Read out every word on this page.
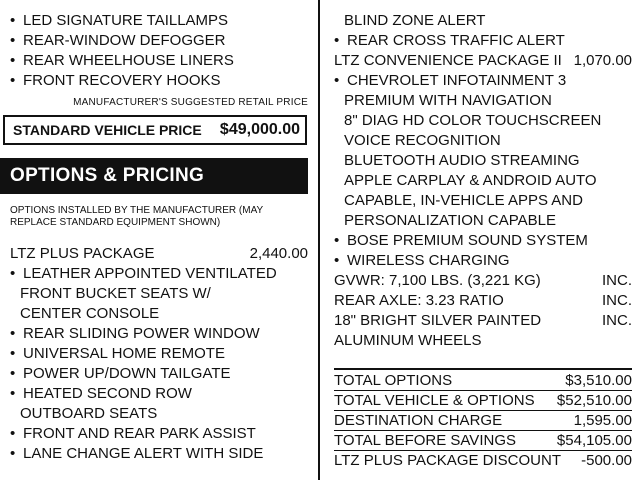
• LED SIGNATURE TAILLAMPS
• REAR-WINDOW DEFOGGER
• REAR WHEELHOUSE LINERS
• FRONT RECOVERY HOOKS
MANUFACTURER'S SUGGESTED RETAIL PRICE
STANDARD VEHICLE PRICE $49,000.00
OPTIONS & PRICING
OPTIONS INSTALLED BY THE MANUFACTURER (MAY REPLACE STANDARD EQUIPMENT SHOWN)
LTZ PLUS PACKAGE	2,440.00
• LEATHER APPOINTED VENTILATED
FRONT BUCKET SEATS W/
CENTER CONSOLE
• REAR SLIDING POWER WINDOW
• UNIVERSAL HOME REMOTE
• POWER UP/DOWN TAILGATE
• HEATED SECOND ROW
OUTBOARD SEATS
• FRONT AND REAR PARK ASSIST
• LANE CHANGE ALERT WITH SIDE
BLIND ZONE ALERT
• REAR CROSS TRAFFIC ALERT
LTZ CONVENIENCE PACKAGE II 1,070.00
• CHEVROLET INFOTAINMENT 3
PREMIUM WITH NAVIGATION
8" DIAG HD COLOR TOUCHSCREEN
VOICE RECOGNITION
BLUETOOTH AUDIO STREAMING
APPLE CARPLAY & ANDROID AUTO
CAPABLE, IN-VEHICLE APPS AND
PERSONALIZATION CAPABLE
• BOSE PREMIUM SOUND SYSTEM
• WIRELESS CHARGING
GVWR: 7,100 LBS. (3,221 KG)	INC.
REAR AXLE: 3.23 RATIO	INC.
18" BRIGHT SILVER PAINTED	INC.
ALUMINUM WHEELS
TOTAL OPTIONS	$3,510.00
TOTAL VEHICLE & OPTIONS $52,510.00
DESTINATION CHARGE	1,595.00
TOTAL BEFORE SAVINGS	$54,105.00
LTZ PLUS PACKAGE DISCOUNT -500.00
